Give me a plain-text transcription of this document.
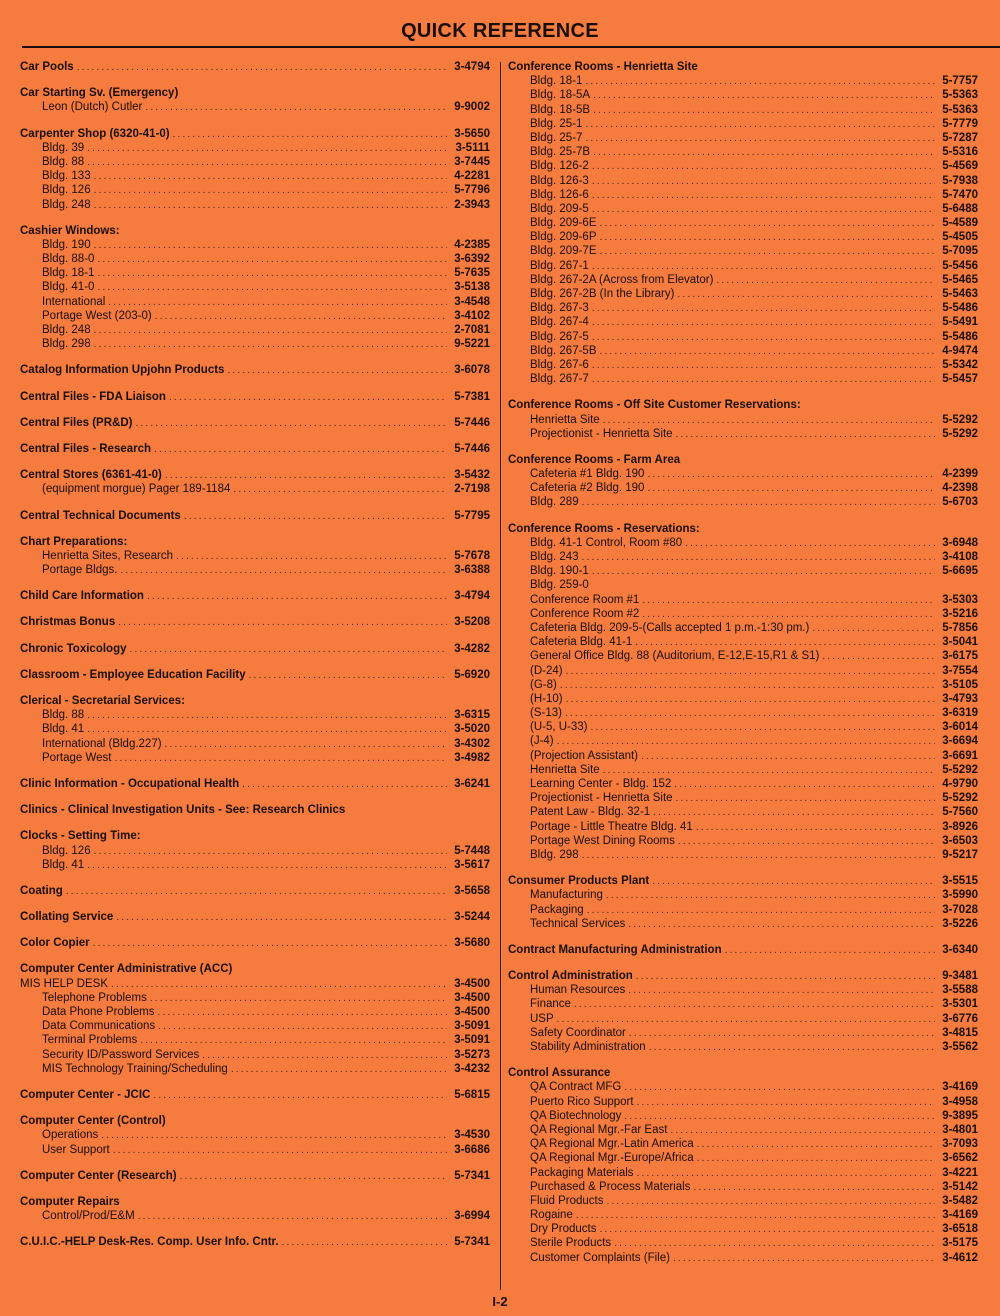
QUICK REFERENCE
Car Pools . . .	3-4794
Car Starting Sv. (Emergency)
Leon (Dutch) Cutler . . .	9-9002
Carpenter Shop (6320-41-0) . . .	3-5650
Bldg. 39 . . .	3-5111
Bldg. 88 . . .	3-7445
Bldg. 133 . . .	4-2281
Bldg. 126 . . .	5-7796
Bldg. 248 . . .	2-3943
Cashier Windows:
Bldg. 190 . . .	4-2385
Bldg. 88-0 . . .	3-6392
Bldg. 18-1 . . .	5-7635
Bldg. 41-0 . . .	3-5138
International . . .	3-4548
Portage West (203-0) . . .	3-4102
Bldg. 248 . . .	2-7081
Bldg. 298 . . .	9-5221
Catalog Information Upjohn Products . . .	3-6078
Central Files - FDA Liaison . . .	5-7381
Central Files (PR&D) . . .	5-7446
Central Files - Research . . .	5-7446
Central Stores (6361-41-0) . . .	3-5432
(equipment morgue) Pager 189-1184 . . .	2-7198
Central Technical Documents . . .	5-7795
Chart Preparations:
Henrietta Sites, Research . . .	5-7678
Portage Bldgs. . . .	3-6388
Child Care Information . . .	3-4794
Christmas Bonus . . .	3-5208
Chronic Toxicology . . .	3-4282
Classroom - Employee Education Facility . . .	5-6920
Clerical - Secretarial Services:
Bldg. 88 . . .	3-6315
Bldg. 41 . . .	3-5020
International (Bldg.227) . . .	3-4302
Portage West . . .	3-4982
Clinic Information - Occupational Health . . .	3-6241
Clinics - Clinical Investigation Units - See: Research Clinics
Clocks - Setting Time:
Bldg. 126 . . .	5-7448
Bldg. 41 . . .	3-5617
Coating . . .	3-5658
Collating Service . . .	3-5244
Color Copier . . .	3-5680
Computer Center Administrative (ACC)
MIS HELP DESK . . .	3-4500
Telephone Problems . . .	3-4500
Data Phone Problems . . .	3-4500
Data Communications . . .	3-5091
Terminal Problems . . .	3-5091
Security ID/Password Services . . .	3-5273
MIS Technology Training/Scheduling . . .	3-4232
Computer Center - JCIC . . .	5-6815
Computer Center (Control)
Operations . . .	3-4530
User Support . . .	3-6686
Computer Center (Research) . . .	5-7341
Computer Repairs
Control/Prod/E&M . . .	3-6994
C.U.I.C.-HELP Desk-Res. Comp. User Info. Cntr. . . .	5-7341
Conference Rooms - Henrietta Site
Bldg. 18-1 . . .	5-7757
Bldg. 18-5A . . .	5-5363
Bldg. 18-5B . . .	5-5363
Bldg. 25-1 . . .	5-7779
Bldg. 25-7 . . .	5-7287
Bldg. 25-7B . . .	5-5316
Bldg. 126-2 . . .	5-4569
Bldg. 126-3 . . .	5-7938
Bldg. 126-6 . . .	5-7470
Bldg. 209-5 . . .	5-6488
Bldg. 209-6E . . .	5-4589
Bldg. 209-6P . . .	5-4505
Bldg. 209-7E . . .	5-7095
Bldg. 267-1 . . .	5-5456
Bldg. 267-2A (Across from Elevator) . . .	5-5465
Bldg. 267-2B (In the Library) . . .	5-5463
Bldg. 267-3 . . .	5-5486
Bldg. 267-4 . . .	5-5491
Bldg. 267-5 . . .	5-5486
Bldg. 267-5B . . .	4-9474
Bldg. 267-6 . . .	5-5342
Bldg. 267-7 . . .	5-5457
Conference Rooms - Off Site Customer Reservations:
Henrietta Site . . .	5-5292
Projectionist - Henrietta Site . . .	5-5292
Conference Rooms - Farm Area
Cafeteria #1 Bldg. 190 . . .	4-2399
Cafeteria #2 Bldg. 190 . . .	4-2398
Bldg. 289 . . .	5-6703
Conference Rooms - Reservations:
Bldg. 41-1 Control, Room #80 . . .	3-6948
Bldg. 243 . . .	3-4108
Bldg. 190-1 . . .	5-6695
Bldg. 259-0
Conference Room #1 . . .	3-5303
Conference Room #2 . . .	3-5216
Cafeteria Bldg. 209-5-(Calls accepted 1 p.m.-1:30 pm.) . . .	5-7856
Cafeteria Bldg. 41-1 . . .	3-5041
General Office Bldg. 88 (Auditorium, E-12,E-15,R1 & S1) . . .	3-6175
(D-24) . . .	3-7554
(G-8) . . .	3-5105
(H-10) . . .	3-4793
(S-13) . . .	3-6319
(U-5, U-33) . . .	3-6014
(J-4) . . .	3-6694
(Projection Assistant) . . .	3-6691
Henrietta Site . . .	5-5292
Learning Center - Bldg. 152 . . .	4-9790
Projectionist - Henrietta Site . . .	5-5292
Patent Law - Bldg. 32-1 . . .	5-7560
Portage - Little Theatre Bldg. 41 . . .	3-8926
Portage West Dining Rooms . . .	3-6503
Bldg. 298 . . .	9-5217
Consumer Products Plant . . .	3-5515
Manufacturing . . .	3-5990
Packaging . . .	3-7028
Technical Services . . .	3-5226
Contract Manufacturing Administration . . .	3-6340
Control Administration . . .	9-3481
Human Resources . . .	3-5588
Finance . . .	3-5301
USP . . .	3-6776
Safety Coordinator . . .	3-4815
Stability Administration . . .	3-5562
Control Assurance
QA Contract MFG . . .	3-4169
Puerto Rico Support . . .	3-4958
QA Biotechnology . . .	9-3895
QA Regional Mgr.-Far East . . .	3-4801
QA Regional Mgr.-Latin America . . .	3-7093
QA Regional Mgr.-Europe/Africa . . .	3-6562
Packaging Materials . . .	3-4221
Purchased & Process Materials . . .	3-5142
Fluid Products . . .	3-5482
Rogaine . . .	3-4169
Dry Products . . .	3-6518
Sterile Products . . .	3-5175
Customer Complaints (File) . . .	3-4612
I-2
